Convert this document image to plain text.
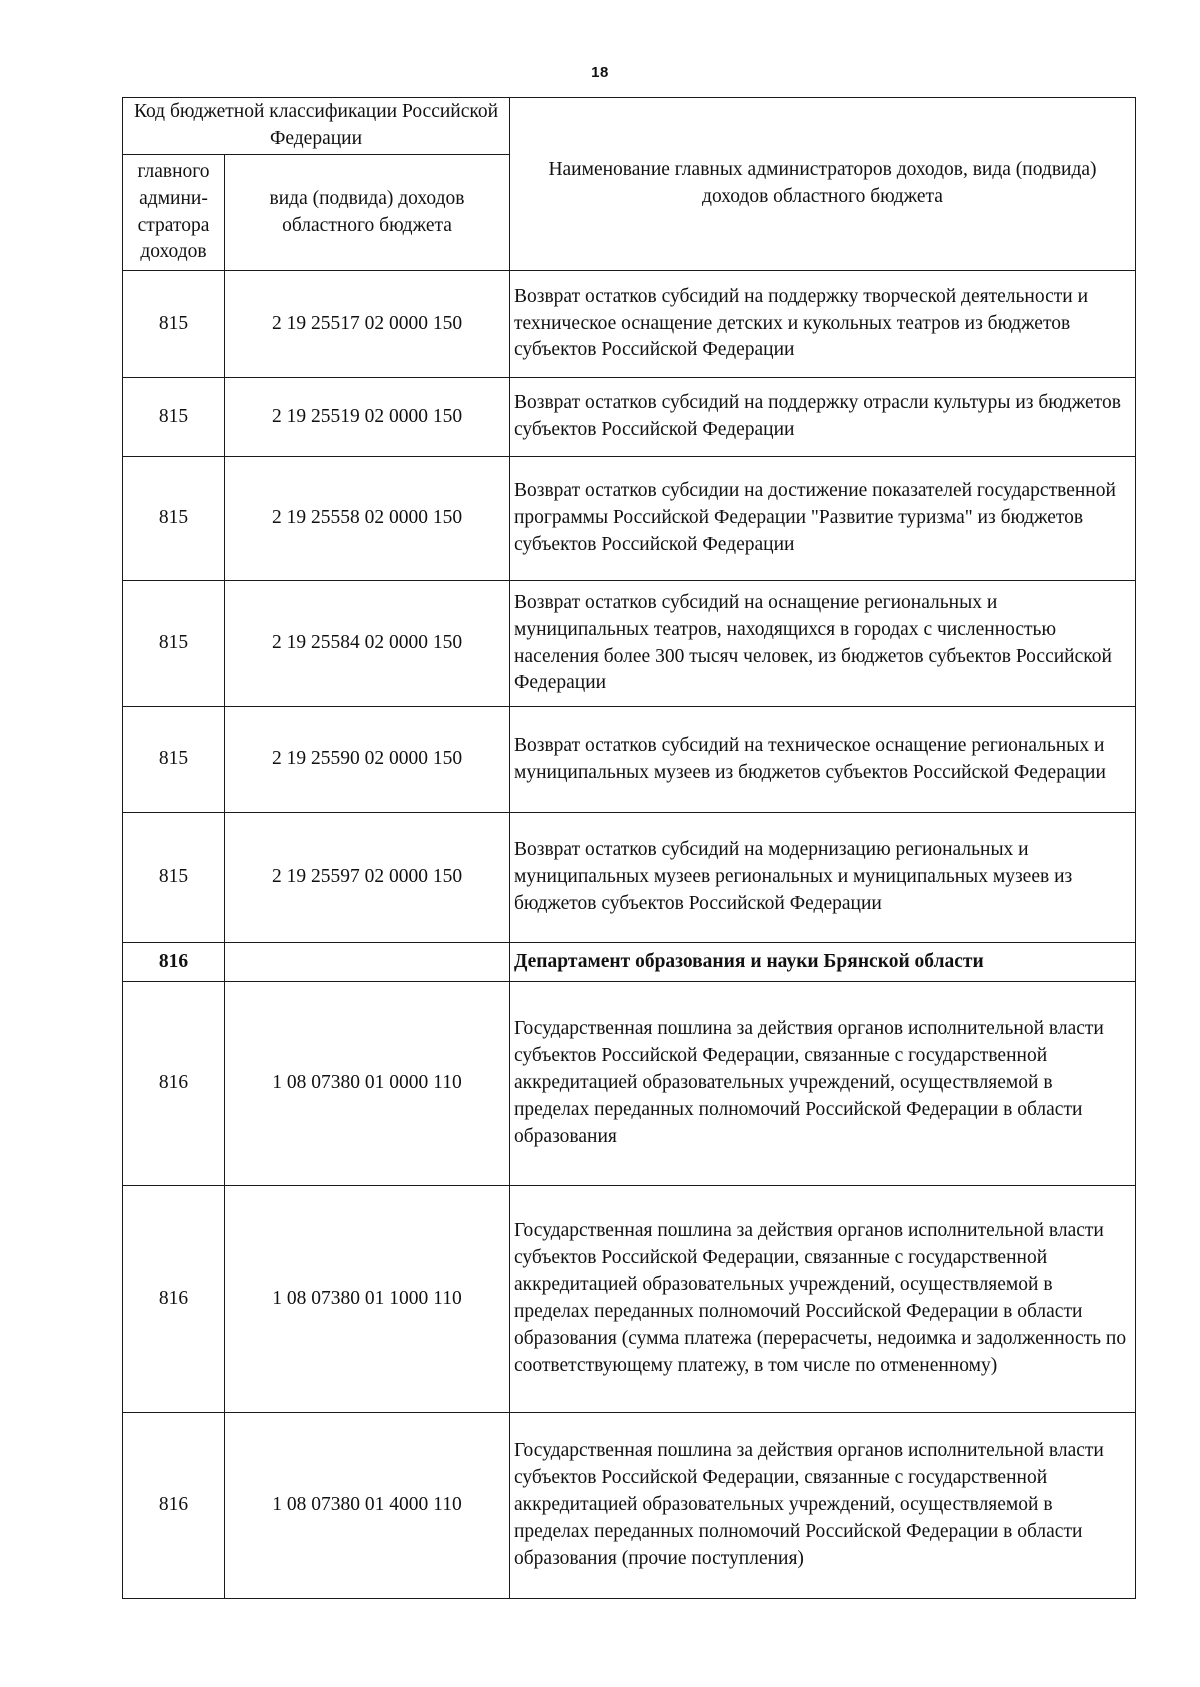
18
Код бюджетной классификации Российской Федерации		Наименование главных администраторов доходов, вида (подвида) доходов областного бюджета
главного админи-стратора доходов	вида (подвида) доходов областного бюджета	
815	2 19 25517 02 0000 150	Возврат остатков субсидий на поддержку творческой деятельности и техническое оснащение детских и кукольных театров из бюджетов субъектов Российской Федерации
815	2 19 25519 02 0000 150	Возврат остатков субсидий на поддержку отрасли культуры из бюджетов субъектов Российской Федерации
815	2 19 25558 02 0000 150	Возврат остатков субсидии на достижение показателей государственной программы Российской Федерации "Развитие туризма" из бюджетов субъектов Российской Федерации
815	2 19 25584 02 0000 150	Возврат остатков субсидий на оснащение региональных и муниципальных театров, находящихся в городах с численностью населения более 300 тысяч человек, из бюджетов субъектов Российской Федерации
815	2 19 25590 02 0000 150	Возврат остатков субсидий на техническое оснащение региональных и муниципальных музеев из бюджетов субъектов Российской Федерации
815	2 19 25597 02 0000 150	Возврат остатков субсидий на модернизацию региональных и муниципальных музеев региональных и муниципальных музеев из бюджетов субъектов Российской Федерации
816		Департамент образования и науки Брянской области
816	1 08 07380 01 0000 110	Государственная пошлина за действия органов исполнительной власти субъектов Российской Федерации, связанные с государственной аккредитацией образовательных учреждений, осуществляемой в пределах переданных полномочий Российской Федерации в области образования
816	1 08 07380 01 1000 110	Государственная пошлина за действия органов исполнительной власти субъектов Российской Федерации, связанные с государственной аккредитацией образовательных учреждений, осуществляемой в пределах переданных полномочий Российской Федерации в области образования (сумма платежа (перерасчеты, недоимка и задолженность по соответствующему платежу, в том числе по отмененному)
816	1 08 07380 01 4000 110	Государственная пошлина за действия органов исполнительной власти субъектов Российской Федерации, связанные с государственной аккредитацией образовательных учреждений, осуществляемой в пределах переданных полномочий Российской Федерации в области образования (прочие поступления)
